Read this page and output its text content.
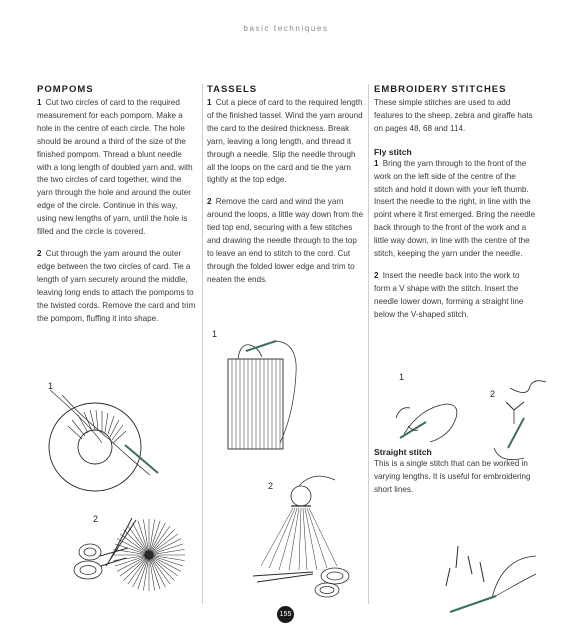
basic techniques
POMPOMS

1 Cut two circles of card to the required measurement for each pompom. Make a hole in the centre of each circle. The hole should be around a third of the size of the finished pompom. Thread a blunt needle with a long length of doubled yarn and, with the two circles of card together, wind the yarn through the hole and around the outer edge of the circle. Continue in this way, using new lengths of yarn, until the hole is filled and the circle is covered.

2 Cut through the yarn around the outer edge between the two circles of card. Tie a length of yarn securely around the middle, leaving long ends to attach the pompoms to the twisted cords. Remove the card and trim the pompom, fluffing it into shape.

TASSELS

1 Cut a piece of card to the required length of the finished tassel. Wind the yarn around the card to the desired thickness. Break yarn, leaving a long length, and thread it through a needle. Slip the needle through all the loops on the card and tie the yarn tightly at the top edge.

2 Remove the card and wind the yarn around the loops, a little way down from the tied top end, securing with a few stitches and drawing the needle through to the top to leave an end to stitch to the cord. Cut through the folded lower edge and trim to neaten the ends.

EMBROIDERY STITCHES

These simple stitches are used to add features to the sheep, zebra and giraffe hats on pages 48, 68 and 114.

Fly stitch

1 Bring the yarn through to the front of the work on the left side of the centre of the stitch and hold it down with your left thumb. Insert the needle to the right, in line with the point where it first emerged. Bring the needle back through to the front of the work and a little way down, in line with the centre of the stitch, keeping the yarn under the needle.

2 Insert the needle back into the work to form a V shape with the stitch. Insert the needle lower down, forming a straight line below the V-shaped stitch.

Straight stitch

This is a single stitch that can be worked in varying lengths. It is useful for embroidering short lines.

1
2
1
2
1
2
155
